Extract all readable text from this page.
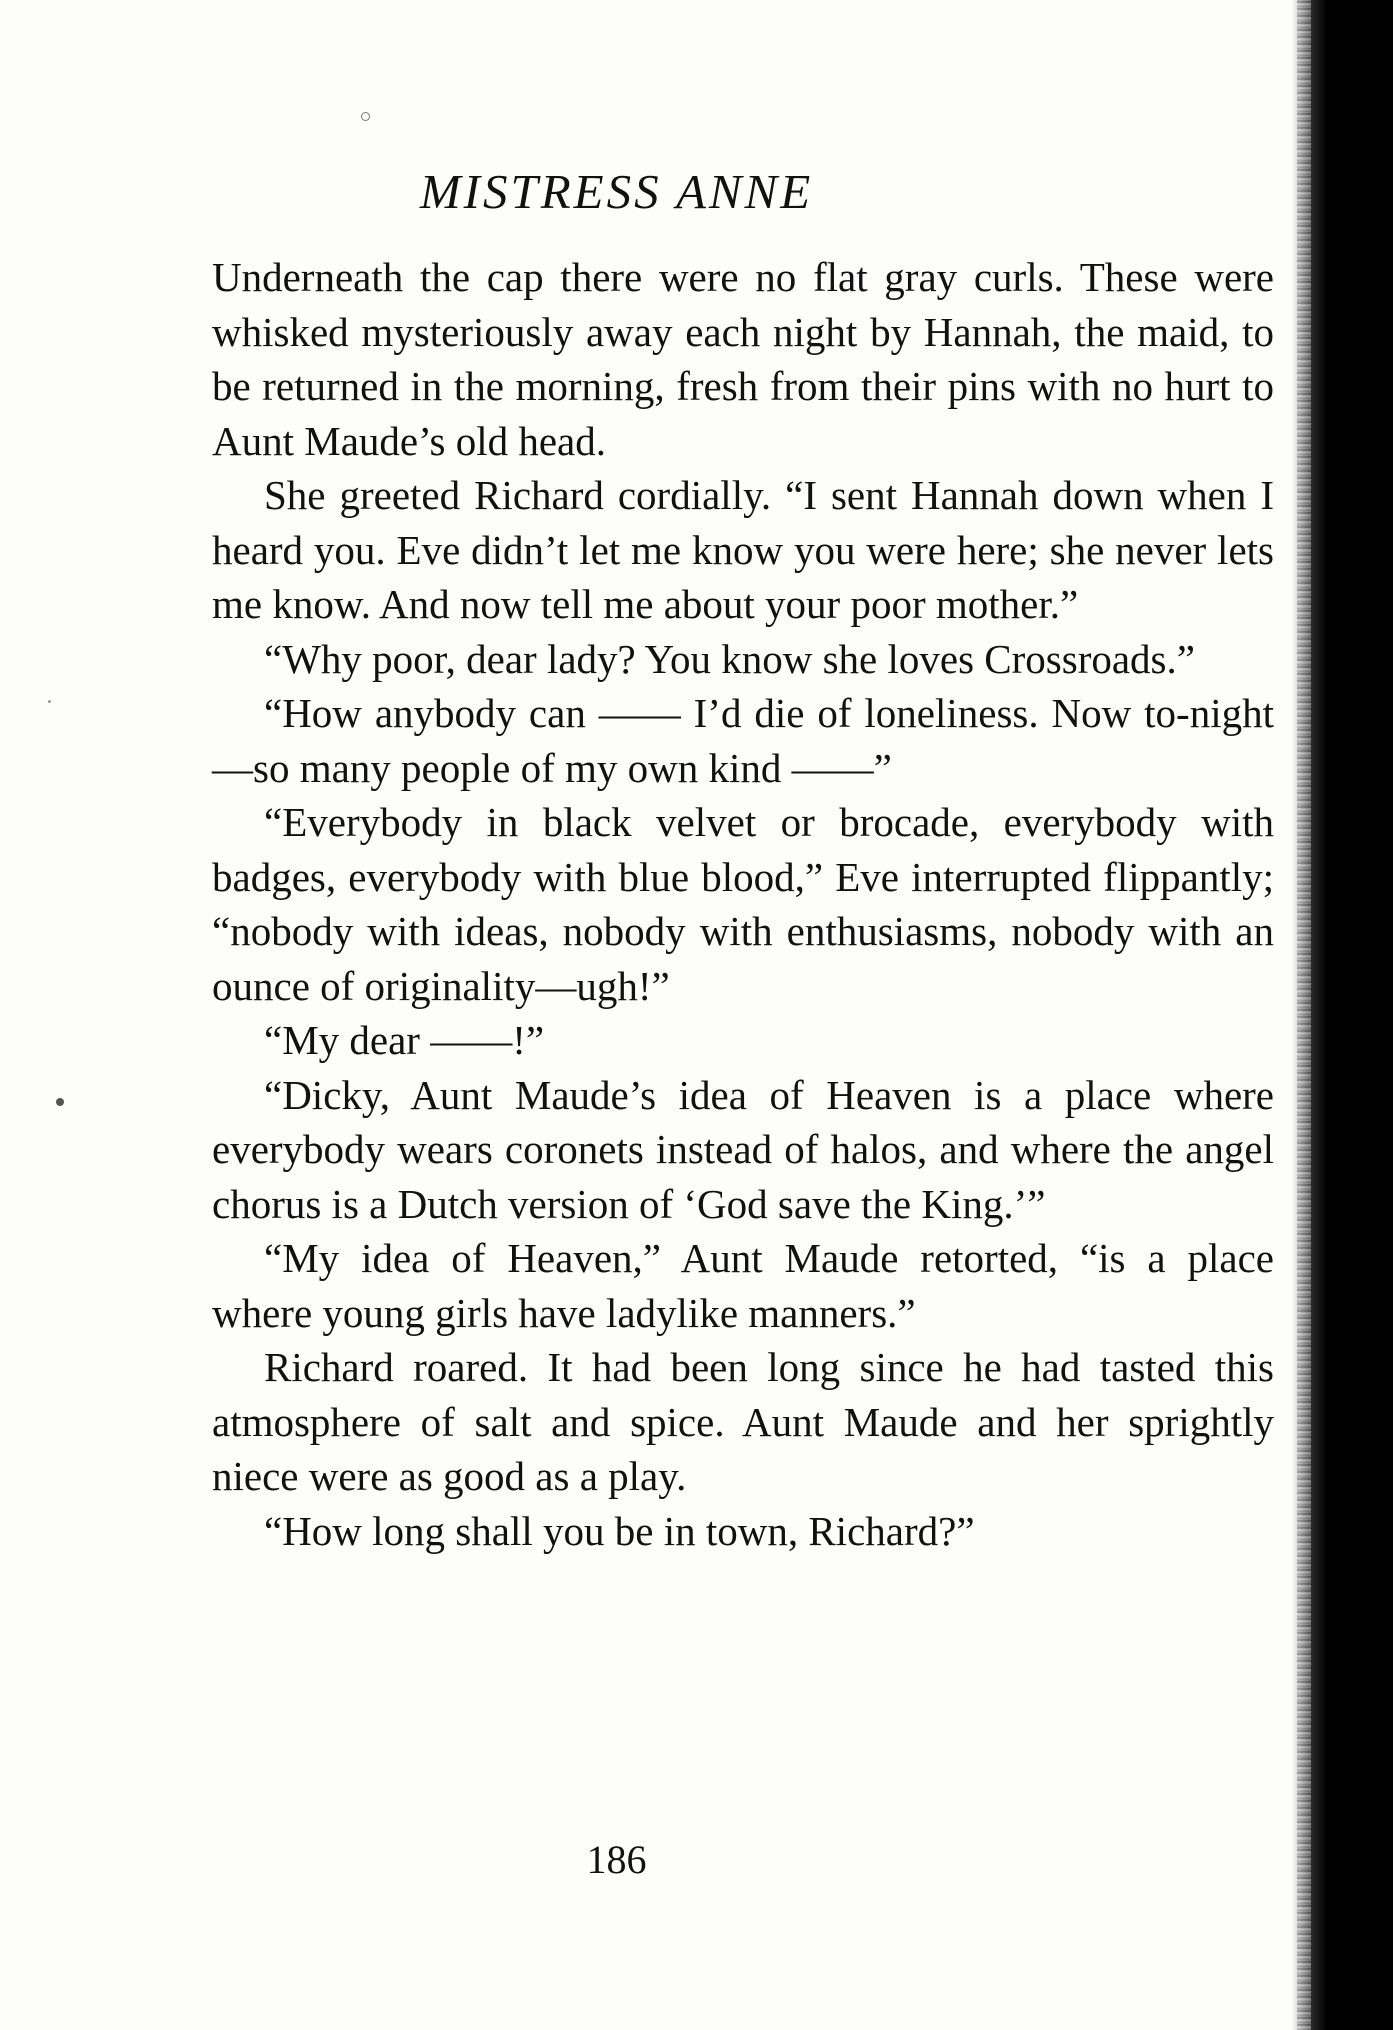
MISTRESS ANNE

Underneath the cap there were no flat gray curls. These were whisked mysteriously away each night by Hannah, the maid, to be returned in the morning, fresh from their pins with no hurt to Aunt Maude’s old head.

She greeted Richard cordially. “I sent Hannah down when I heard you. Eve didn’t let me know you were here; she never lets me know. And now tell me about your poor mother.”

“Why poor, dear lady? You know she loves Crossroads.”

“How anybody can —— I’d die of loneliness. Now to-night—so many people of my own kind ——”

“Everybody in black velvet or brocade, everybody with badges, everybody with blue blood,” Eve interrupted flippantly; “nobody with ideas, nobody with enthusiasms, nobody with an ounce of originality—ugh!”

“My dear ——!”

“Dicky, Aunt Maude’s idea of Heaven is a place where everybody wears coronets instead of halos, and where the angel chorus is a Dutch version of ‘God save the King.’”

“My idea of Heaven,” Aunt Maude retorted, “is a place where young girls have ladylike manners.”

Richard roared. It had been long since he had tasted this atmosphere of salt and spice. Aunt Maude and her sprightly niece were as good as a play.

“How long shall you be in town, Richard?”

186
